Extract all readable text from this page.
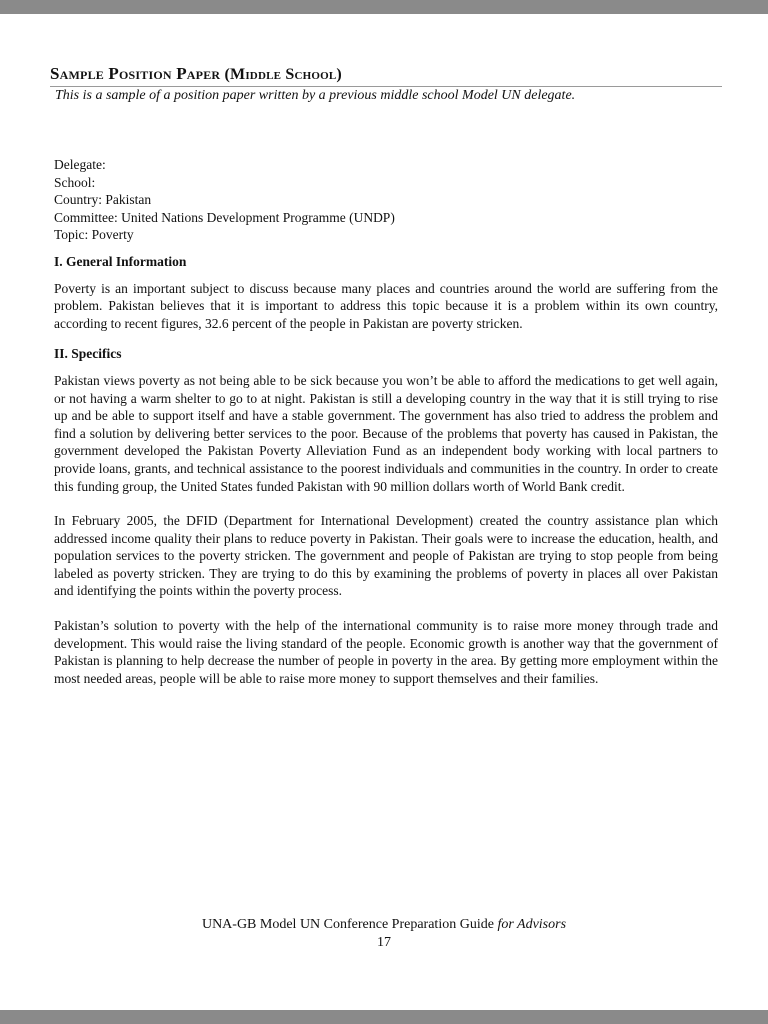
Sample Position Paper (Middle School)
This is a sample of a position paper written by a previous middle school Model UN delegate.
Delegate:
School:
Country: Pakistan
Committee: United Nations Development Programme (UNDP)
Topic: Poverty
I. General Information

Poverty is an important subject to discuss because many places and countries around the world are suffering from the problem. Pakistan believes that it is important to address this topic because it is a problem within its own country, according to recent figures, 32.6 percent of the people in Pakistan are poverty stricken.

II. Specifics

Pakistan views poverty as not being able to be sick because you won’t be able to afford the medications to get well again, or not having a warm shelter to go to at night. Pakistan is still a developing country in the way that it is still trying to rise up and be able to support itself and have a stable government. The government has also tried to address the problem and find a solution by delivering better services to the poor. Because of the problems that poverty has caused in Pakistan, the government developed the Pakistan Poverty Alleviation Fund as an independent body working with local partners to provide loans, grants, and technical assistance to the poorest individuals and communities in the country. In order to create this funding group, the United States funded Pakistan with 90 million dollars worth of World Bank credit.

In February 2005, the DFID (Department for International Development) created the country assistance plan which addressed income quality their plans to reduce poverty in Pakistan. Their goals were to increase the education, health, and population services to the poverty stricken. The government and people of Pakistan are trying to stop people from being labeled as poverty stricken. They are trying to do this by examining the problems of poverty in places all over Pakistan and identifying the points within the poverty process.

Pakistan’s solution to poverty with the help of the international community is to raise more money through trade and development. This would raise the living standard of the people. Economic growth is another way that the government of Pakistan is planning to help decrease the number of people in poverty in the area. By getting more employment within the most needed areas, people will be able to raise more money to support themselves and their families.

UNA-GB Model UN Conference Preparation Guide for Advisors
17
